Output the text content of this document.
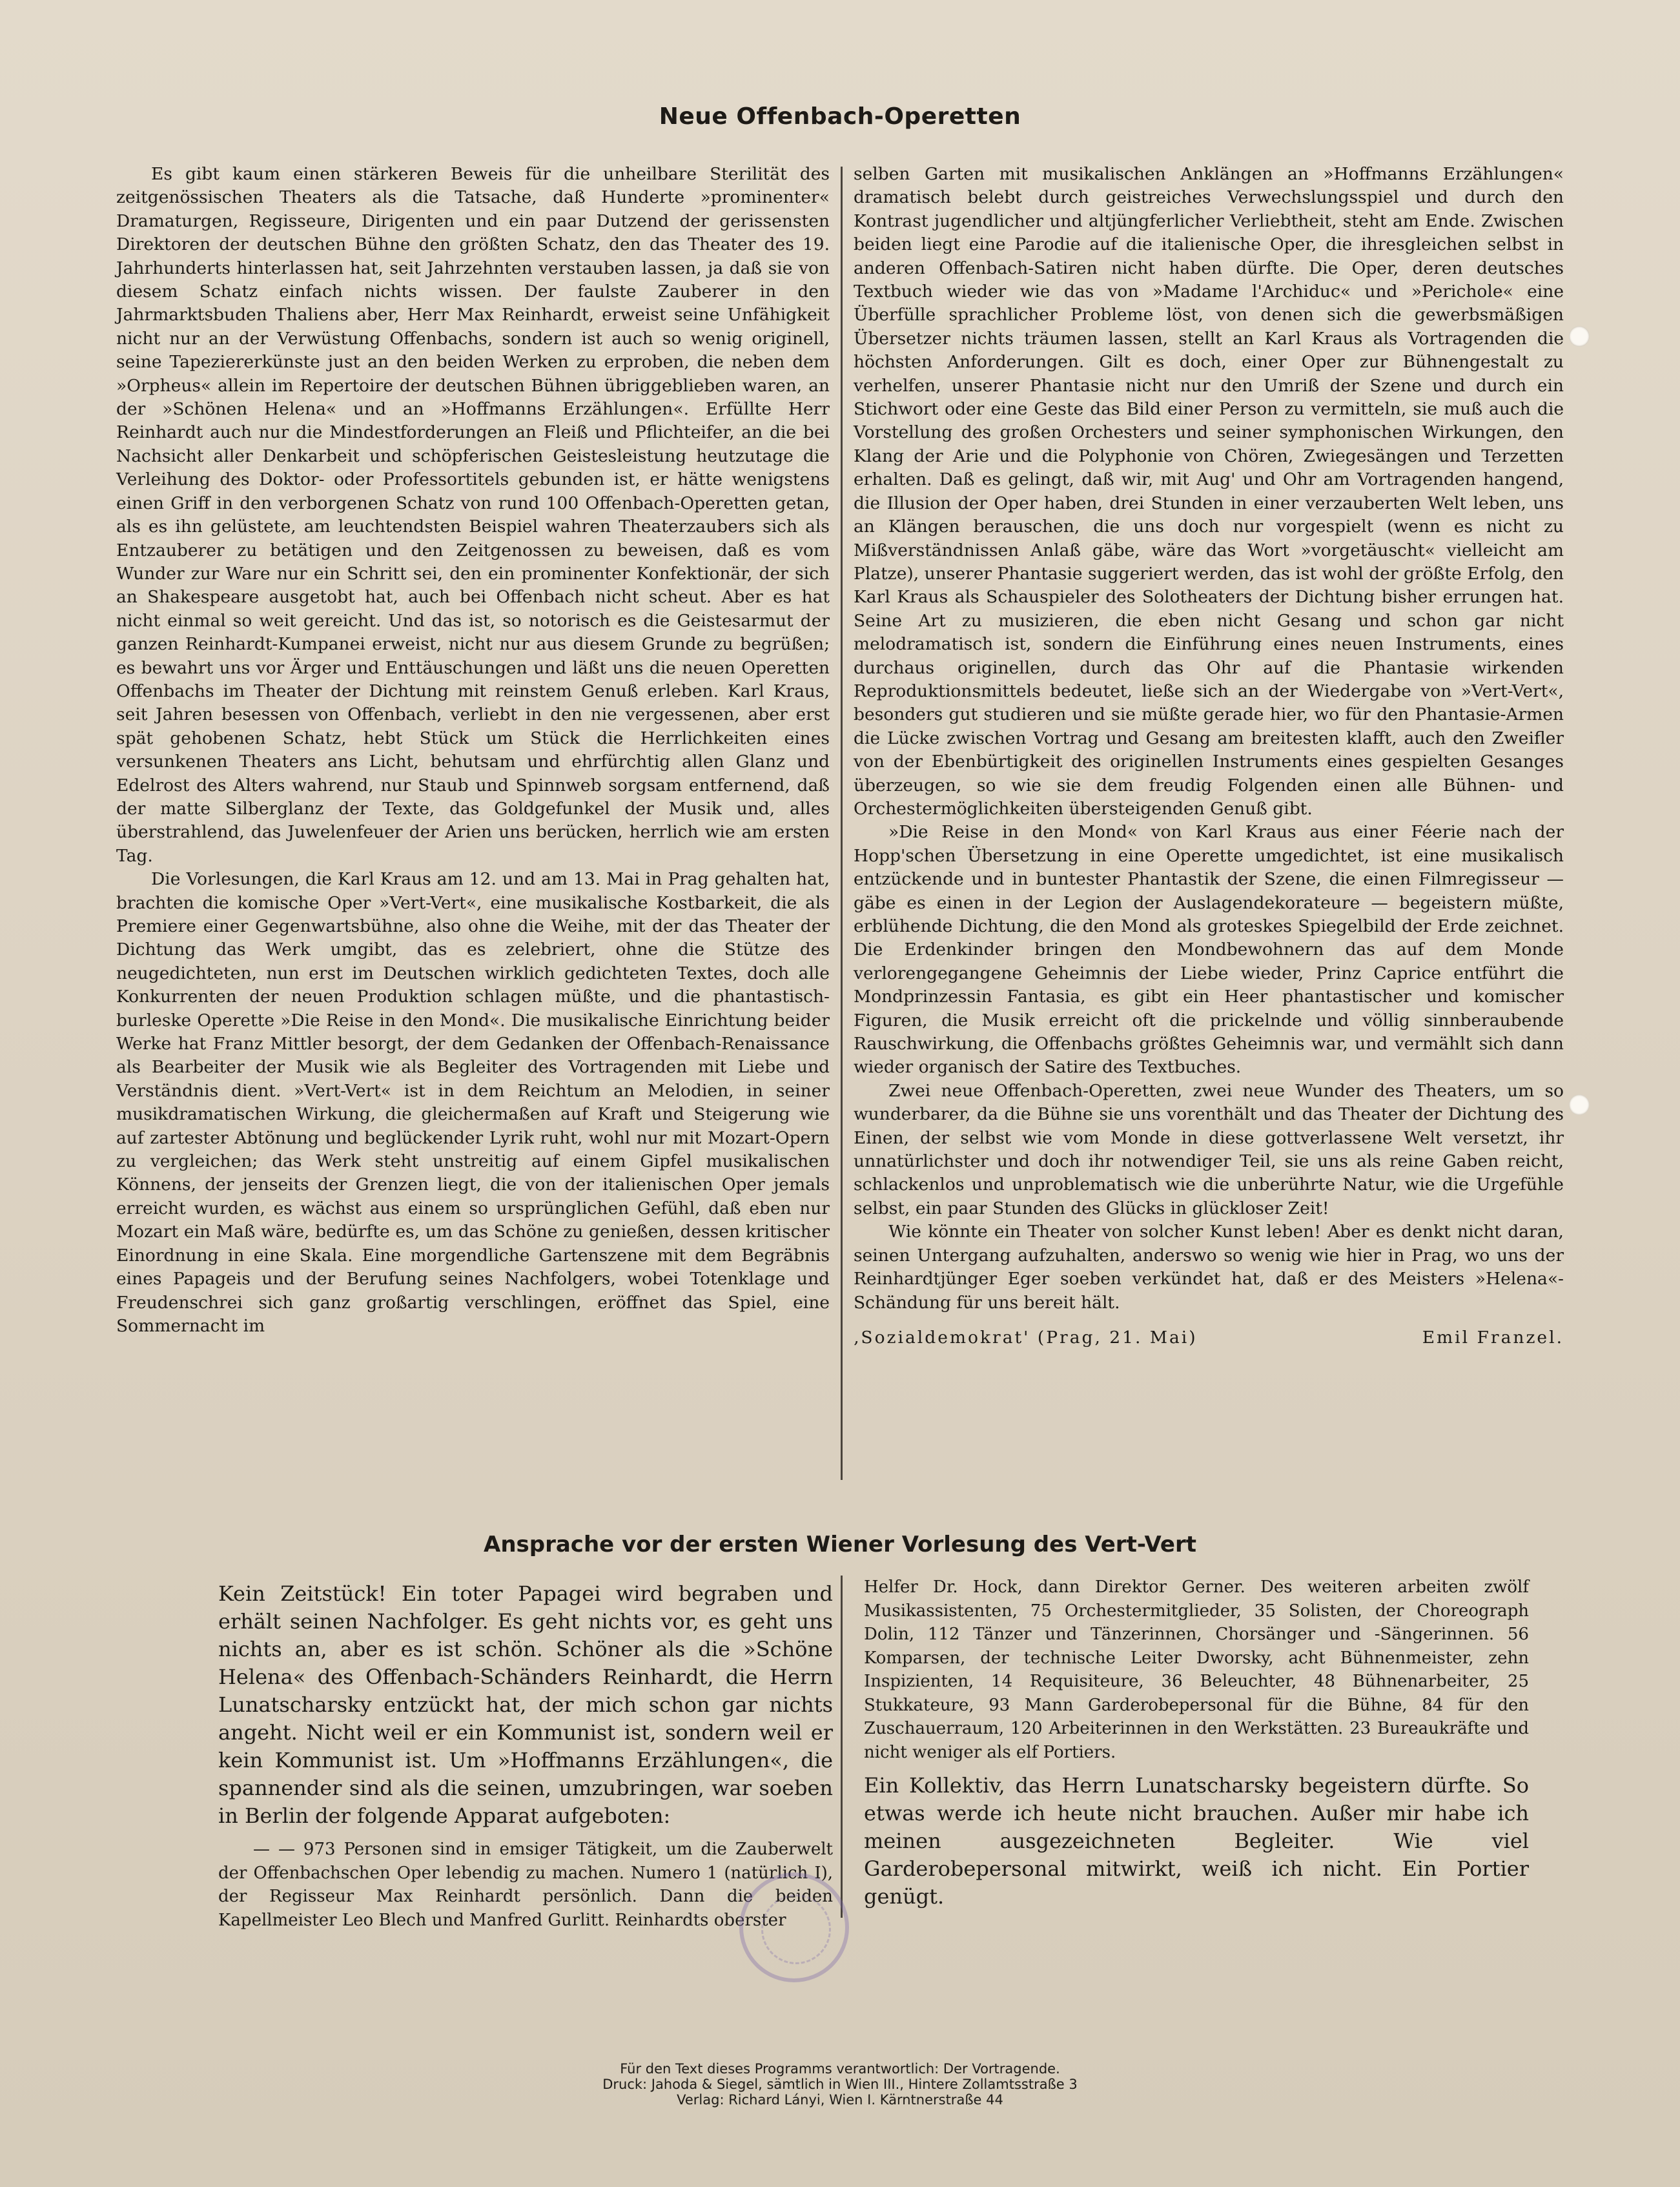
Neue Offenbach-Operetten

Es gibt kaum einen stärkeren Beweis für die unheilbare Sterilität des zeitgenössischen Theaters als die Tatsache, daß Hunderte »prominenter« Dramaturgen, Regisseure, Dirigenten und ein paar Dutzend der gerissensten Direktoren der deutschen Bühne den größten Schatz, den das Theater des 19. Jahrhunderts hinterlassen hat, seit Jahrzehnten verstauben lassen, ja daß sie von diesem Schatz einfach nichts wissen. Der faulste Zauberer in den Jahrmarktsbuden Thaliens aber, Herr Max Reinhardt, erweist seine Unfähigkeit nicht nur an der Verwüstung Offenbachs, sondern ist auch so wenig originell, seine Tapeziererkünste just an den beiden Werken zu erproben, die neben dem »Orpheus« allein im Repertoire der deutschen Bühnen übriggeblieben waren, an der »Schönen Helena« und an »Hoffmanns Erzählungen«. Erfüllte Herr Reinhardt auch nur die Mindestforderungen an Fleiß und Pflichteifer, an die bei Nachsicht aller Denkarbeit und schöpferischen Geistesleistung heutzutage die Verleihung des Doktor- oder Professortitels gebunden ist, er hätte wenigstens einen Griff in den verborgenen Schatz von rund 100 Offenbach-Operetten getan, als es ihn gelüstete, am leuchtendsten Beispiel wahren Theaterzaubers sich als Entzauberer zu betätigen und den Zeitgenossen zu beweisen, daß es vom Wunder zur Ware nur ein Schritt sei, den ein prominenter Konfektionär, der sich an Shakespeare ausgetobt hat, auch bei Offenbach nicht scheut. Aber es hat nicht einmal so weit gereicht. Und das ist, so notorisch es die Geistesarmut der ganzen Reinhardt-Kumpanei erweist, nicht nur aus diesem Grunde zu begrüßen; es bewahrt uns vor Ärger und Enttäuschungen und läßt uns die neuen Operetten Offenbachs im Theater der Dichtung mit reinstem Genuß erleben. Karl Kraus, seit Jahren besessen von Offenbach, verliebt in den nie vergessenen, aber erst spät gehobenen Schatz, hebt Stück um Stück die Herrlichkeiten eines versunkenen Theaters ans Licht, behutsam und ehrfürchtig allen Glanz und Edelrost des Alters wahrend, nur Staub und Spinnweb sorgsam entfernend, daß der matte Silberglanz der Texte, das Goldgefunkel der Musik und, alles überstrahlend, das Juwelenfeuer der Arien uns berücken, herrlich wie am ersten Tag.

Die Vorlesungen, die Karl Kraus am 12. und am 13. Mai in Prag gehalten hat, brachten die komische Oper »Vert-Vert«, eine musikalische Kostbarkeit, die als Premiere einer Gegenwartsbühne, also ohne die Weihe, mit der das Theater der Dichtung das Werk umgibt, das es zelebriert, ohne die Stütze des neugedichteten, nun erst im Deutschen wirklich gedichteten Textes, doch alle Konkurrenten der neuen Produktion schlagen müßte, und die phantastisch-burleske Operette »Die Reise in den Mond«. Die musikalische Einrichtung beider Werke hat Franz Mittler besorgt, der dem Gedanken der Offenbach-Renaissance als Bearbeiter der Musik wie als Begleiter des Vortragenden mit Liebe und Verständnis dient. »Vert-Vert« ist in dem Reichtum an Melodien, in seiner musikdramatischen Wirkung, die gleichermaßen auf Kraft und Steigerung wie auf zartester Abtönung und beglückender Lyrik ruht, wohl nur mit Mozart-Opern zu vergleichen; das Werk steht unstreitig auf einem Gipfel musikalischen Könnens, der jenseits der Grenzen liegt, die von der italienischen Oper jemals erreicht wurden, es wächst aus einem so ursprünglichen Gefühl, daß eben nur Mozart ein Maß wäre, bedürfte es, um das Schöne zu genießen, dessen kritischer Einordnung in eine Skala. Eine morgendliche Gartenszene mit dem Begräbnis eines Papageis und der Berufung seines Nachfolgers, wobei Totenklage und Freudenschrei sich ganz großartig verschlingen, eröffnet das Spiel, eine Sommernacht im

selben Garten mit musikalischen Anklängen an »Hoffmanns Erzählungen« dramatisch belebt durch geistreiches Verwechslungsspiel und durch den Kontrast jugendlicher und altjüngferlicher Verliebtheit, steht am Ende. Zwischen beiden liegt eine Parodie auf die italienische Oper, die ihresgleichen selbst in anderen Offenbach-Satiren nicht haben dürfte. Die Oper, deren deutsches Textbuch wieder wie das von »Madame l'Archiduc« und »Perichole« eine Überfülle sprachlicher Probleme löst, von denen sich die gewerbsmäßigen Übersetzer nichts träumen lassen, stellt an Karl Kraus als Vortragenden die höchsten Anforderungen. Gilt es doch, einer Oper zur Bühnengestalt zu verhelfen, unserer Phantasie nicht nur den Umriß der Szene und durch ein Stichwort oder eine Geste das Bild einer Person zu vermitteln, sie muß auch die Vorstellung des großen Orchesters und seiner symphonischen Wirkungen, den Klang der Arie und die Polyphonie von Chören, Zwiegesängen und Terzetten erhalten. Daß es gelingt, daß wir, mit Aug' und Ohr am Vortragenden hangend, die Illusion der Oper haben, drei Stunden in einer verzauberten Welt leben, uns an Klängen berauschen, die uns doch nur vorgespielt (wenn es nicht zu Mißverständnissen Anlaß gäbe, wäre das Wort »vorgetäuscht« vielleicht am Platze), unserer Phantasie suggeriert werden, das ist wohl der größte Erfolg, den Karl Kraus als Schauspieler des Solotheaters der Dichtung bisher errungen hat. Seine Art zu musizieren, die eben nicht Gesang und schon gar nicht melodramatisch ist, sondern die Einführung eines neuen Instruments, eines durchaus originellen, durch das Ohr auf die Phantasie wirkenden Reproduktionsmittels bedeutet, ließe sich an der Wiedergabe von »Vert-Vert«, besonders gut studieren und sie müßte gerade hier, wo für den Phantasie-Armen die Lücke zwischen Vortrag und Gesang am breitesten klafft, auch den Zweifler von der Ebenbürtigkeit des originellen Instruments eines gespielten Gesanges überzeugen, so wie sie dem freudig Folgenden einen alle Bühnen- und Orchestermöglichkeiten übersteigenden Genuß gibt.

»Die Reise in den Mond« von Karl Kraus aus einer Féerie nach der Hopp'schen Übersetzung in eine Operette umgedichtet, ist eine musikalisch entzückende und in buntester Phantastik der Szene, die einen Filmregisseur — gäbe es einen in der Legion der Auslagendekorateure — begeistern müßte, erblühende Dichtung, die den Mond als groteskes Spiegelbild der Erde zeichnet. Die Erdenkinder bringen den Mondbewohnern das auf dem Monde verlorengegangene Geheimnis der Liebe wieder, Prinz Caprice entführt die Mondprinzessin Fantasia, es gibt ein Heer phantastischer und komischer Figuren, die Musik erreicht oft die prickelnde und völlig sinnberaubende Rauschwirkung, die Offenbachs größtes Geheimnis war, und vermählt sich dann wieder organisch der Satire des Textbuches.

Zwei neue Offenbach-Operetten, zwei neue Wunder des Theaters, um so wunderbarer, da die Bühne sie uns vorenthält und das Theater der Dichtung des Einen, der selbst wie vom Monde in diese gottverlassene Welt versetzt, ihr unnatürlichster und doch ihr notwendiger Teil, sie uns als reine Gaben reicht, schlackenlos und unproblematisch wie die unberührte Natur, wie die Urgefühle selbst, ein paar Stunden des Glücks in glückloser Zeit!

Wie könnte ein Theater von solcher Kunst leben! Aber es denkt nicht daran, seinen Untergang aufzuhalten, anderswo so wenig wie hier in Prag, wo uns der Reinhardtjünger Eger soeben verkündet hat, daß er des Meisters »Helena«-Schändung für uns bereit hält.

‚Sozialdemokrat' (Prag, 21. Mai)	Emil Franzel.

Ansprache vor der ersten Wiener Vorlesung des Vert-Vert

Kein Zeitstück! Ein toter Papagei wird begraben und erhält seinen Nachfolger. Es geht nichts vor, es geht uns nichts an, aber es ist schön. Schöner als die »Schöne Helena« des Offenbach-Schänders Reinhardt, die Herrn Lunatscharsky entzückt hat, der mich schon gar nichts angeht. Nicht weil er ein Kommunist ist, sondern weil er kein Kommunist ist. Um »Hoffmanns Erzählungen«, die spannender sind als die seinen, umzubringen, war soeben in Berlin der folgende Apparat aufgeboten:

— — 973 Personen sind in emsiger Tätigkeit, um die Zauberwelt der Offenbachschen Oper lebendig zu machen. Numero 1 (natürlich I), der Regisseur Max Reinhardt persönlich. Dann die beiden Kapellmeister Leo Blech und Manfred Gurlitt. Reinhardts oberster

Helfer Dr. Hock, dann Direktor Gerner. Des weiteren arbeiten zwölf Musikassistenten, 75 Orchestermitglieder, 35 Solisten, der Choreograph Dolin, 112 Tänzer und Tänzerinnen, Chorsänger und -Sängerinnen. 56 Komparsen, der technische Leiter Dworsky, acht Bühnenmeister, zehn Inspizienten, 14 Requisiteure, 36 Beleuchter, 48 Bühnenarbeiter, 25 Stukkateure, 93 Mann Garderobepersonal für die Bühne, 84 für den Zuschauerraum, 120 Arbeiterinnen in den Werkstätten. 23 Bureaukräfte und nicht weniger als elf Portiers.

Ein Kollektiv, das Herrn Lunatscharsky begeistern dürfte. So etwas werde ich heute nicht brauchen. Außer mir habe ich meinen ausgezeichneten Begleiter. Wie viel Garderobepersonal mitwirkt, weiß ich nicht. Ein Portier genügt.

Für den Text dieses Programms verantwortlich: Der Vortragende.
Druck: Jahoda & Siegel, sämtlich in Wien III., Hintere Zollamtsstraße 3
Verlag: Richard Lányi, Wien I. Kärntnerstraße 44
